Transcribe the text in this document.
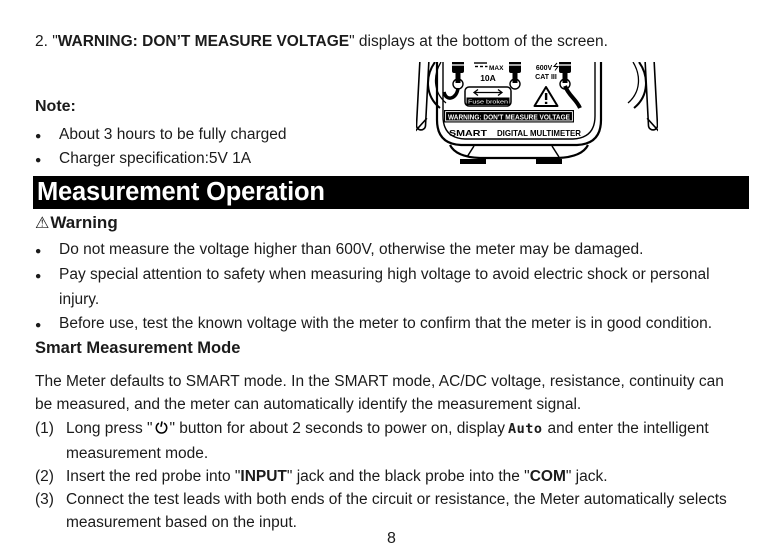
2. "WARNING: DON’T MEASURE VOLTAGE" displays at the bottom of the screen.
MAX
10A
Fuse broken
600V
CAT III
WARNING: DON'T MEASURE VOLTAGE
SMART DIGITAL MULTIMETER
Note:
●
About 3 hours to be fully charged
●
Charger specification:5V 1A
Measurement Operation
⚠ Warning
●
Do not measure the voltage higher than 600V, otherwise the meter may be damaged.
●
Pay special attention to safety when measuring high voltage to avoid electric shock or personal
injury.
●
Before use, test the known voltage with the meter to confirm that the meter is in good condition.
Smart Measurement Mode
The Meter defaults to SMART mode. In the SMART mode, AC/DC voltage, resistance, continuity can
be measured, and the meter can automatically identify the measurement signal.
(1) Long press " " button for about 2 seconds to power on, display Auto and enter the intelligent
measurement mode.
(2) Insert the red probe into "INPUT" jack and the black probe into the "COM" jack.
(3) Connect the test leads with both ends of the circuit or resistance, the Meter automatically selects
measurement based on the input.
8
